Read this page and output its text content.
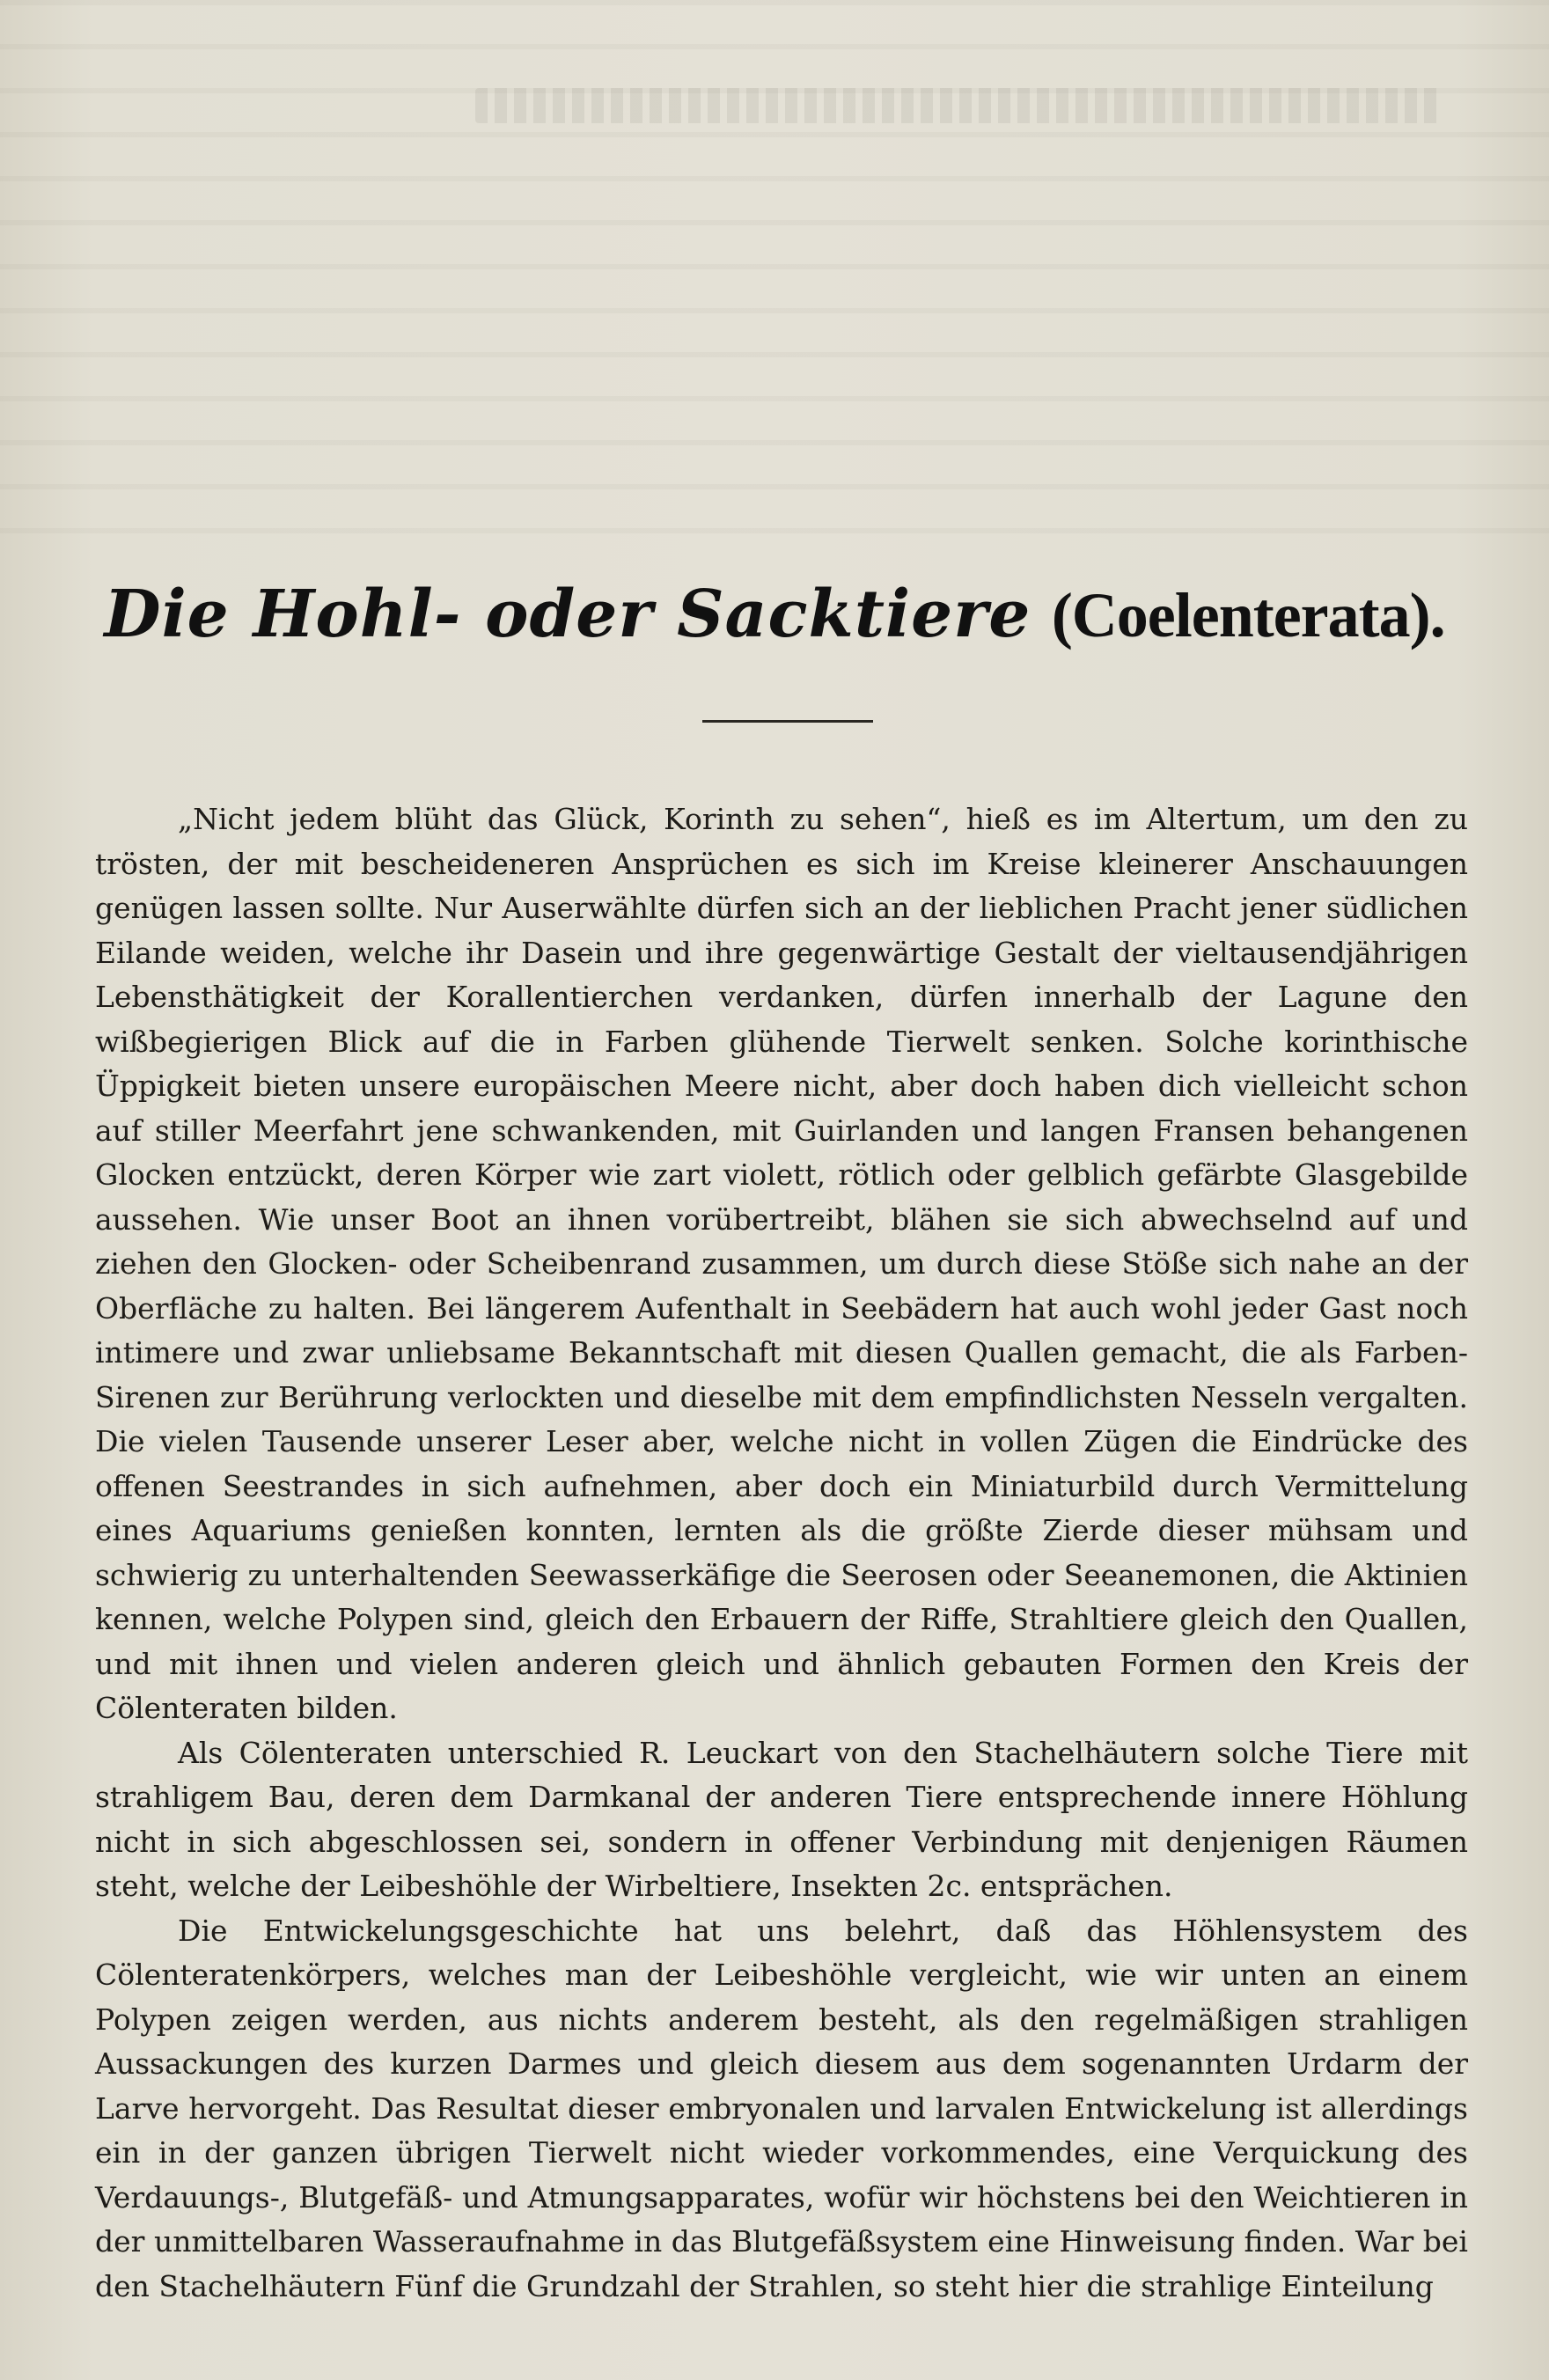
Die Hohl- oder Sacktiere (Coelenterata).

„Nicht jedem blüht das Glück, Korinth zu sehen“, hieß es im Altertum, um den zu trösten, der mit bescheideneren Ansprüchen es sich im Kreise kleinerer Anschauungen genügen lassen sollte. Nur Auserwählte dürfen sich an der lieblichen Pracht jener südlichen Eilande weiden, welche ihr Dasein und ihre gegenwärtige Gestalt der vieltausendjährigen Lebensthätigkeit der Korallentierchen verdanken, dürfen innerhalb der Lagune den wißbegierigen Blick auf die in Farben glühende Tierwelt senken. Solche korinthische Üppigkeit bieten unsere europäischen Meere nicht, aber doch haben dich vielleicht schon auf stiller Meerfahrt jene schwankenden, mit Guirlanden und langen Fransen behangenen Glocken entzückt, deren Körper wie zart violett, rötlich oder gelblich gefärbte Glasgebilde aussehen. Wie unser Boot an ihnen vorübertreibt, blähen sie sich abwechselnd auf und ziehen den Glocken- oder Scheibenrand zusammen, um durch diese Stöße sich nahe an der Oberfläche zu halten. Bei längerem Aufenthalt in Seebädern hat auch wohl jeder Gast noch intimere und zwar unliebsame Bekanntschaft mit diesen Quallen gemacht, die als Farben-Sirenen zur Berührung verlockten und dieselbe mit dem empfindlichsten Nesseln vergalten. Die vielen Tausende unserer Leser aber, welche nicht in vollen Zügen die Eindrücke des offenen Seestrandes in sich aufnehmen, aber doch ein Miniaturbild durch Vermittelung eines Aquariums genießen konnten, lernten als die größte Zierde dieser mühsam und schwierig zu unterhaltenden Seewasserkäfige die Seerosen oder Seeanemonen, die Aktinien kennen, welche Polypen sind, gleich den Erbauern der Riffe, Strahltiere gleich den Quallen, und mit ihnen und vielen anderen gleich und ähnlich gebauten Formen den Kreis der Cölenteraten bilden.

Als Cölenteraten unterschied R. Leuckart von den Stachelhäutern solche Tiere mit strahligem Bau, deren dem Darmkanal der anderen Tiere entsprechende innere Höhlung nicht in sich abgeschlossen sei, sondern in offener Verbindung mit denjenigen Räumen steht, welche der Leibeshöhle der Wirbeltiere, Insekten 2c. entsprächen.

Die Entwickelungsgeschichte hat uns belehrt, daß das Höhlensystem des Cölenteratenkörpers, welches man der Leibeshöhle vergleicht, wie wir unten an einem Polypen zeigen werden, aus nichts anderem besteht, als den regelmäßigen strahligen Aussackungen des kurzen Darmes und gleich diesem aus dem sogenannten Urdarm der Larve hervorgeht. Das Resultat dieser embryonalen und larvalen Entwickelung ist allerdings ein in der ganzen übrigen Tierwelt nicht wieder vorkommendes, eine Verquickung des Verdauungs-, Blutgefäß- und Atmungsapparates, wofür wir höchstens bei den Weichtieren in der unmittelbaren Wasseraufnahme in das Blutgefäßsystem eine Hinweisung finden. War bei den Stachelhäutern Fünf die Grundzahl der Strahlen, so steht hier die strahlige Einteilung
